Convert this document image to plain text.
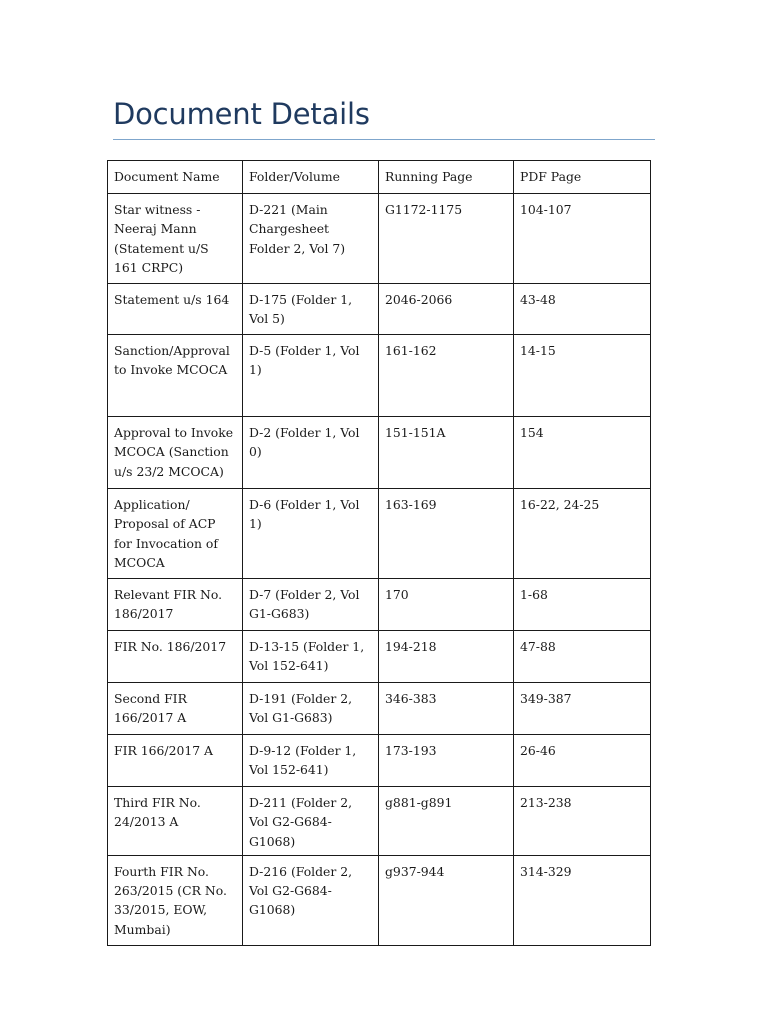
Document Details
Document Name	Folder/Volume	Running Page	PDF Page
Star witness - Neeraj Mann (Statement u/S 161 CRPC)	D-221 (Main Chargesheet Folder 2, Vol 7)	G1172-1175	104-107
Statement u/s 164	D-175 (Folder 1, Vol 5)	2046-2066	43-48
Sanction/Approval to Invoke MCOCA	D-5 (Folder 1, Vol 1)	161-162	14-15
Approval to Invoke MCOCA (Sanction u/s 23/2 MCOCA)	D-2 (Folder 1, Vol 0)	151-151A	154
Application/ Proposal of ACP for Invocation of MCOCA	D-6 (Folder 1, Vol 1)	163-169	16-22, 24-25
Relevant FIR No. 186/2017	D-7 (Folder 2, Vol G1-G683)	170	1-68
FIR No. 186/2017	D-13-15 (Folder 1, Vol 152-641)	194-218	47-88
Second FIR 166/2017 A	D-191 (Folder 2, Vol G1-G683)	346-383	349-387
FIR 166/2017 A	D-9-12 (Folder 1, Vol 152-641)	173-193	26-46
Third FIR No. 24/2013 A	D-211 (Folder 2, Vol G2-G684-G1068)	g881-g891	213-238
Fourth FIR No. 263/2015 (CR No. 33/2015, EOW, Mumbai)	D-216 (Folder 2, Vol G2-G684-G1068)	g937-944	314-329
